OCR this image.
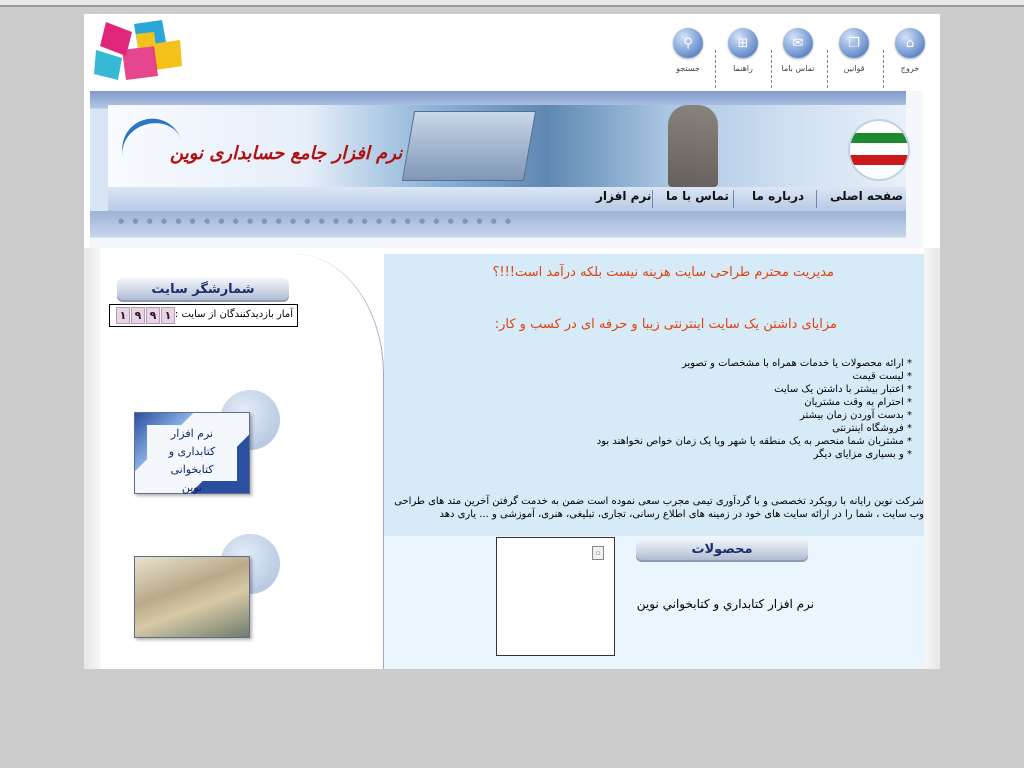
⌂
خروج
❐
قوانین
✉
تماس باما
⊞
راهنما
⚲
جستجو
نرم افزار جامع حسابداری نوین
صفحه اصلی
درباره ما
تماس با ما
نرم افزار
● ● ● ● ● ● ● ● ● ● ● ● ● ● ● ● ● ● ● ● ● ● ● ● ● ● ● ●
شمارشگر سایت
آمار بازدیدکنندگان از سایت :
۱ ۹ ۹ ۱
نرم افزار
کتابداری و کتابخوانی
نوین
مدیریت محترم طراحی سایت هزینه نیست بلکه درآمد است!!!؟
مزایای داشتن یک سایت اینترنتی زیبا و حرفه ای در کسب و کار:
* ارائه محصولات یا خدمات همراه با مشخصات و تصویر
* لیست قیمت
* اعتبار بیشتر با داشتن یک سایت
* احترام به وقت مشتریان
* بدست آوردن زمان بیشتر
* فروشگاه اینترنتی
* مشتریان شما منحصر به یک منطقه یا شهر ویا یک زمان خواص نخواهند بود
* و بسیاری مزایای دیگر
شرکت نوین رایانه با رویکرد تخصصی و با گردآوری تیمی مجرب سعی نموده است ضمن به خدمت گرفتن آخرین متد های طراحی وب سایت ، شما را در ارائه سایت های خود در زمینه های اطلاع رسانی، تجاری، تبلیغی، هنری، آموزشی و ... یاری دهد
محصولات
▫
نرم افزار كتابداري و كتابخواني نوين
